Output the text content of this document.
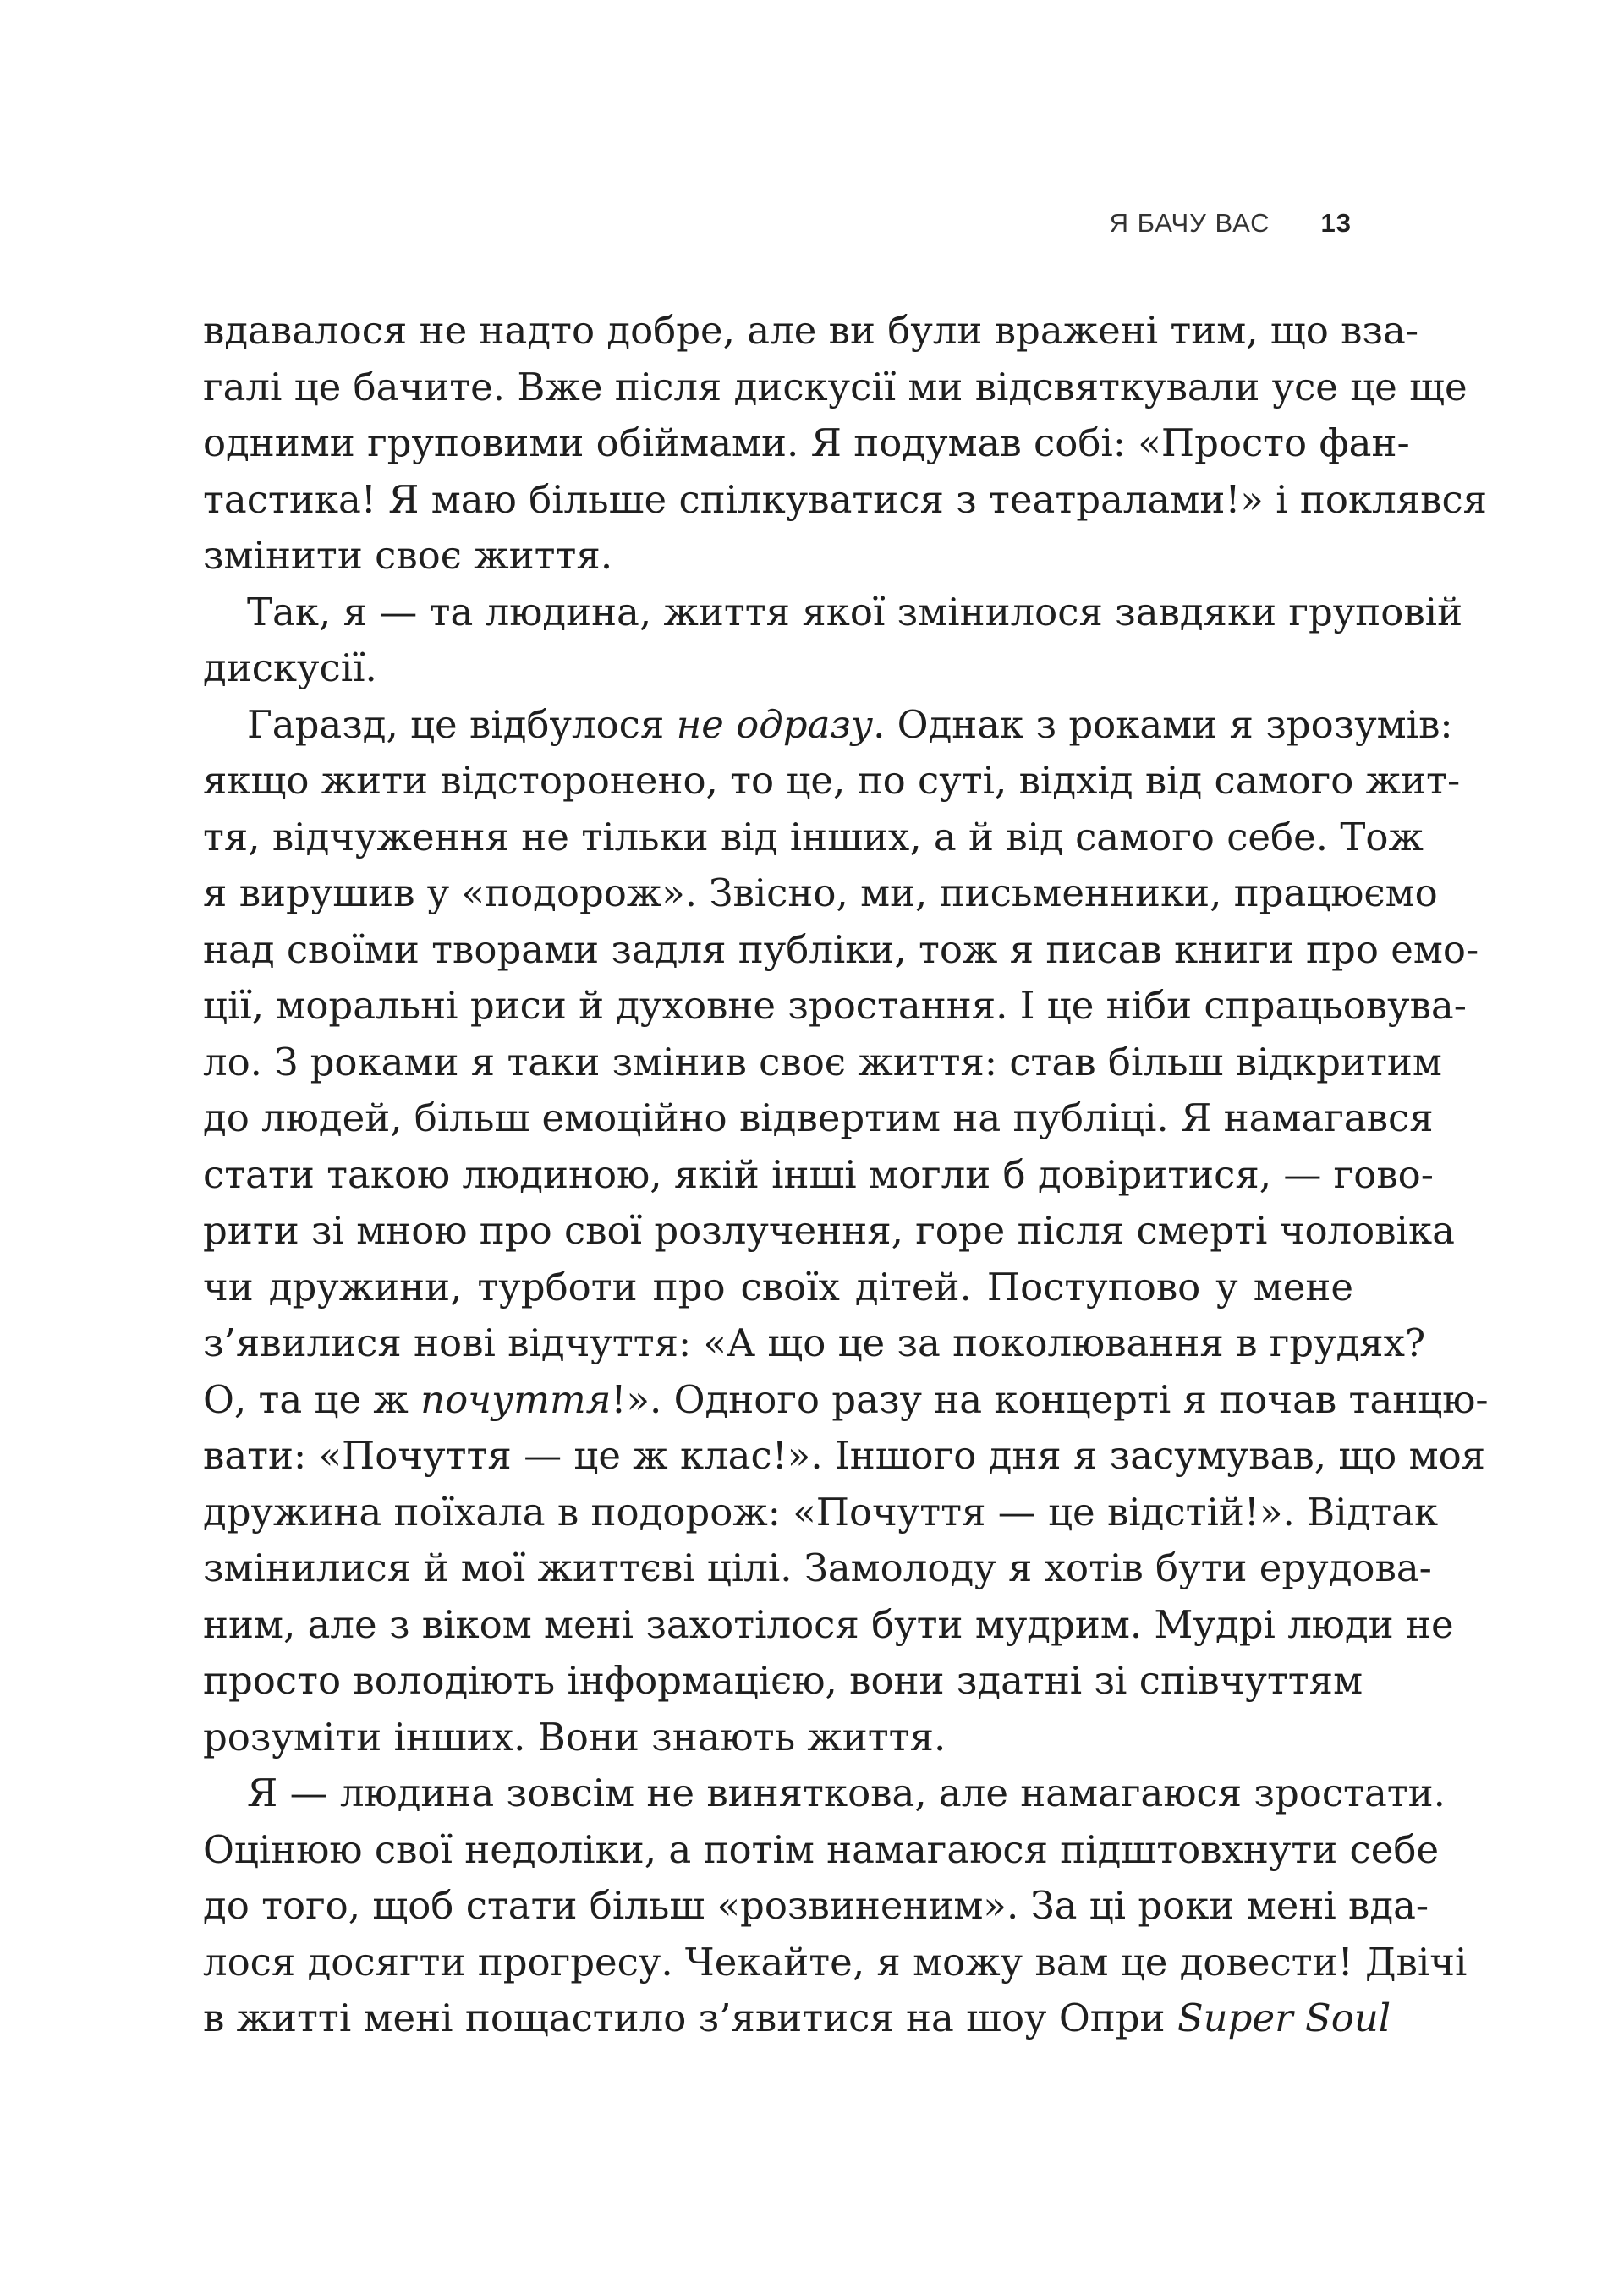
Я БАЧУ ВАС 13
вдавалося не надто добре, але ви були вражені тим, що вза-
галі це бачите. Вже після дискусії ми відсвяткували усе це ще
одними груповими обіймами. Я подумав собі: «Просто фан-
тастика! Я маю більше спілкуватися з театралами!» і поклявся
змінити своє життя.
Так, я — та людина, життя якої змінилося завдяки груповій
дискусії.
Гаразд, це відбулося не одразу. Однак з роками я зрозумів:
якщо жити відсторонено, то це, по суті, відхід від самого жит-
тя, відчуження не тільки від інших, а й від самого себе. Тож
я вирушив у «подорож». Звісно, ми, письменники, працюємо
над своїми творами задля публіки, тож я писав книги про емо-
ції, моральні риси й духовне зростання. І це ніби спрацьовува-
ло. З роками я таки змінив своє життя: став більш відкритим
до людей, більш емоційно відвертим на публіці. Я намагався
стати такою людиною, якій інші могли б довіритися, — гово-
рити зі мною про свої розлучення, горе після смерті чоловіка
чи дружини, турботи про своїх дітей. Поступово у мене
з’явилися нові відчуття: «А що це за поколювання в грудях?
О, та це ж почуття!». Одного разу на концерті я почав танцю-
вати: «Почуття — це ж клас!». Іншого дня я засумував, що моя
дружина поїхала в подорож: «Почуття — це відстій!». Відтак
змінилися й мої життєві цілі. Замолоду я хотів бути ерудова-
ним, але з віком мені захотілося бути мудрим. Мудрі люди не
просто володіють інформацією, вони здатні зі співчуттям
розуміти інших. Вони знають життя.
Я — людина зовсім не винятковa, але намагаюся зростати.
Оцінюю свої недоліки, а потім намагаюся підштовхнути себе
до того, щоб стати більш «розвиненим». За ці роки мені вда-
лося досягти прогресу. Чекайте, я можу вам це довести! Двічі
в житті мені пощастило з’явитися на шоу Опри Super Soul
